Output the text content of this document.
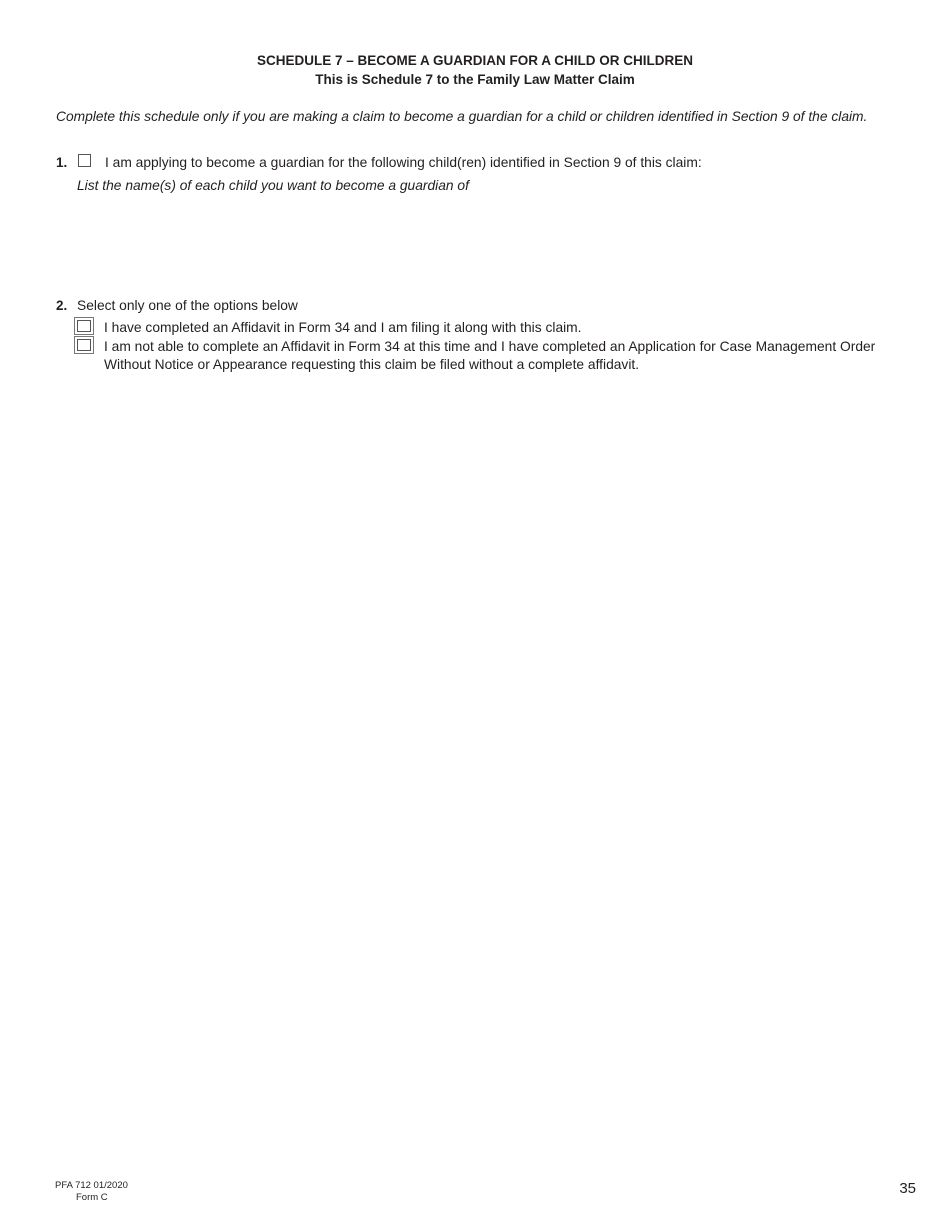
SCHEDULE 7 – BECOME A GUARDIAN FOR A CHILD OR CHILDREN
This is Schedule 7 to the Family Law Matter Claim
Complete this schedule only if you are making a claim to become a guardian for a child or children identified in Section 9 of the claim.
1.	I am applying to become a guardian for the following child(ren) identified in Section 9 of this claim:
List the name(s) of each child you want to become a guardian of
2. Select only one of the options below
I have completed an Affidavit in Form 34 and I am filing it along with this claim.
I am not able to complete an Affidavit in Form 34 at this time and I have completed an Application for Case Management Order
Without Notice or Appearance requesting this claim be filed without a complete affidavit.
PFA 712 01/2020
Form C
35
